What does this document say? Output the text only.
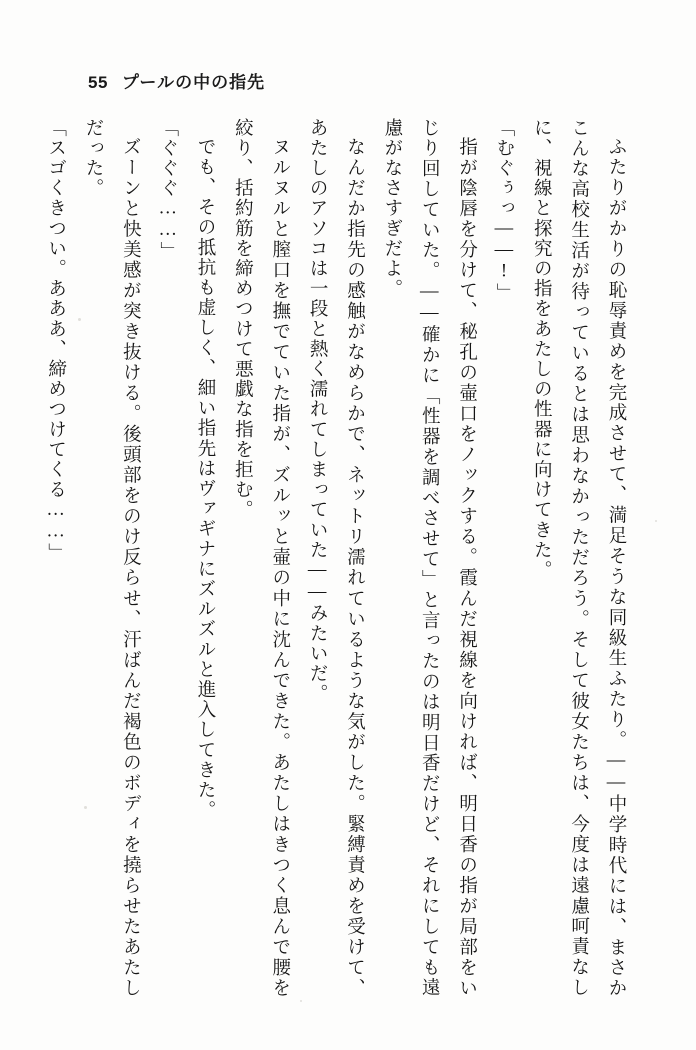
55 プールの中の指先

ふたりがかりの恥辱責めを完成させて、満足そうな同級生ふたり。――中学時代には、まさかこんな高校生活が待っているとは思わなかっただろう。そして彼女たちは、今度は遠慮呵責なしに、視線と探究の指をあたしの性器に向けてきた。

「むぐぅっ――!」

指が陰唇を分けて、秘孔の壷口をノックする。霞んだ視線を向ければ、明日香の指が局部をいじり回していた。――確かに「性器を調べさせて」と言ったのは明日香だけど、それにしても遠慮がなさすぎだよ。

なんだか指先の感触がなめらかで、ネットリ濡れているような気がした。緊縛責めを受けて、あたしのアソコは一段と熱く濡れてしまっていた――みたいだ。

ヌルヌルと膣口を撫でていた指が、ズルッと壷の中に沈んできた。あたしはきつく息んで腰を絞り、括約筋を締めつけて悪戯な指を拒む。

でも、その抵抗も虚しく、細い指先はヴァギナにズルズルと進入してきた。

「ぐぐぐ……」

ズーンと快美感が突き抜ける。後頭部をのけ反らせ、汗ばんだ褐色のボディを撓らせたあたしだった。

「スゴくきつい。あああ、締めつけてくる……」
